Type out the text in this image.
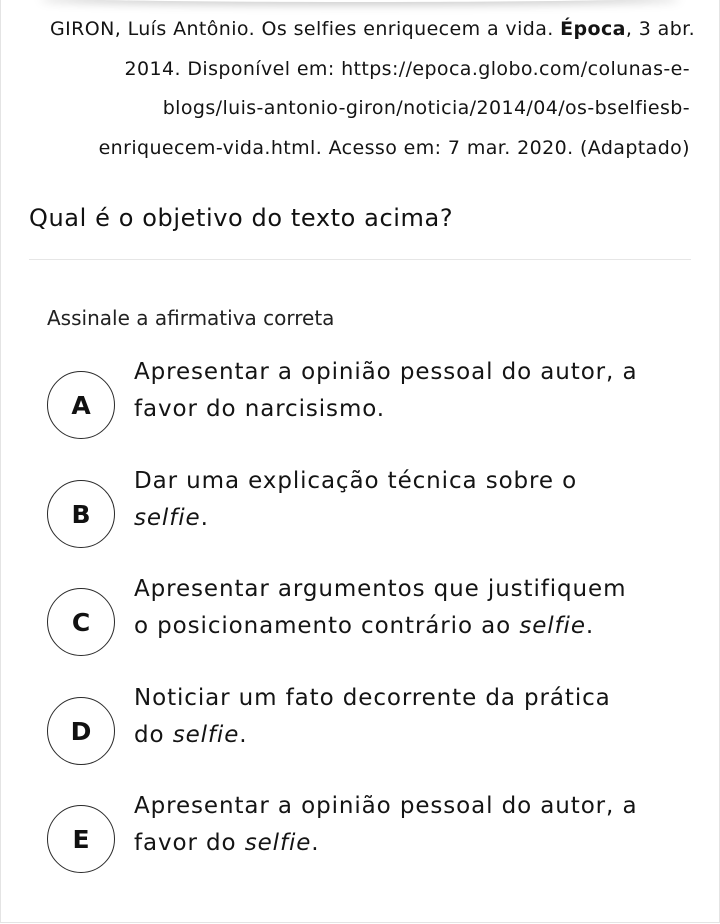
GIRON, Luís Antônio. Os selfies enriquecem a vida. Época, 3 abr.
2014. Disponível em: https://epoca.globo.com/colunas-e-
blogs/luis-antonio-giron/noticia/2014/04/os-bselfiesb-
enriquecem-vida.html. Acesso em: 7 mar. 2020. (Adaptado)
Qual é o objetivo do texto acima?
Assinale a afirmativa correta
A
Apresentar a opinião pessoal do autor, a
favor do narcisismo.
B
Dar uma explicação técnica sobre o
selfie.
C
Apresentar argumentos que justifiquem
o posicionamento contrário ao selfie.
D
Noticiar um fato decorrente da prática
do selfie.
E
Apresentar a opinião pessoal do autor, a
favor do selfie.
